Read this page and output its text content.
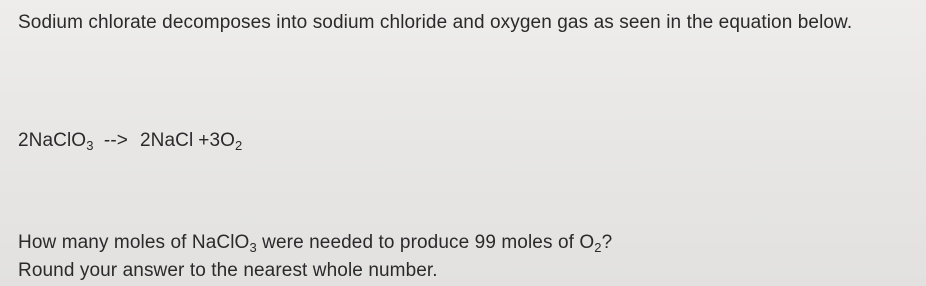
Sodium chlorate decomposes into sodium chloride and oxygen gas as seen in the equation below.
2NaClO$_3$ --> 2NaCl $+3O_2$
How many moles of NaClO$_3$ were needed to produce 99 moles of $O_2$?
Round your answer to the nearest whole number.
